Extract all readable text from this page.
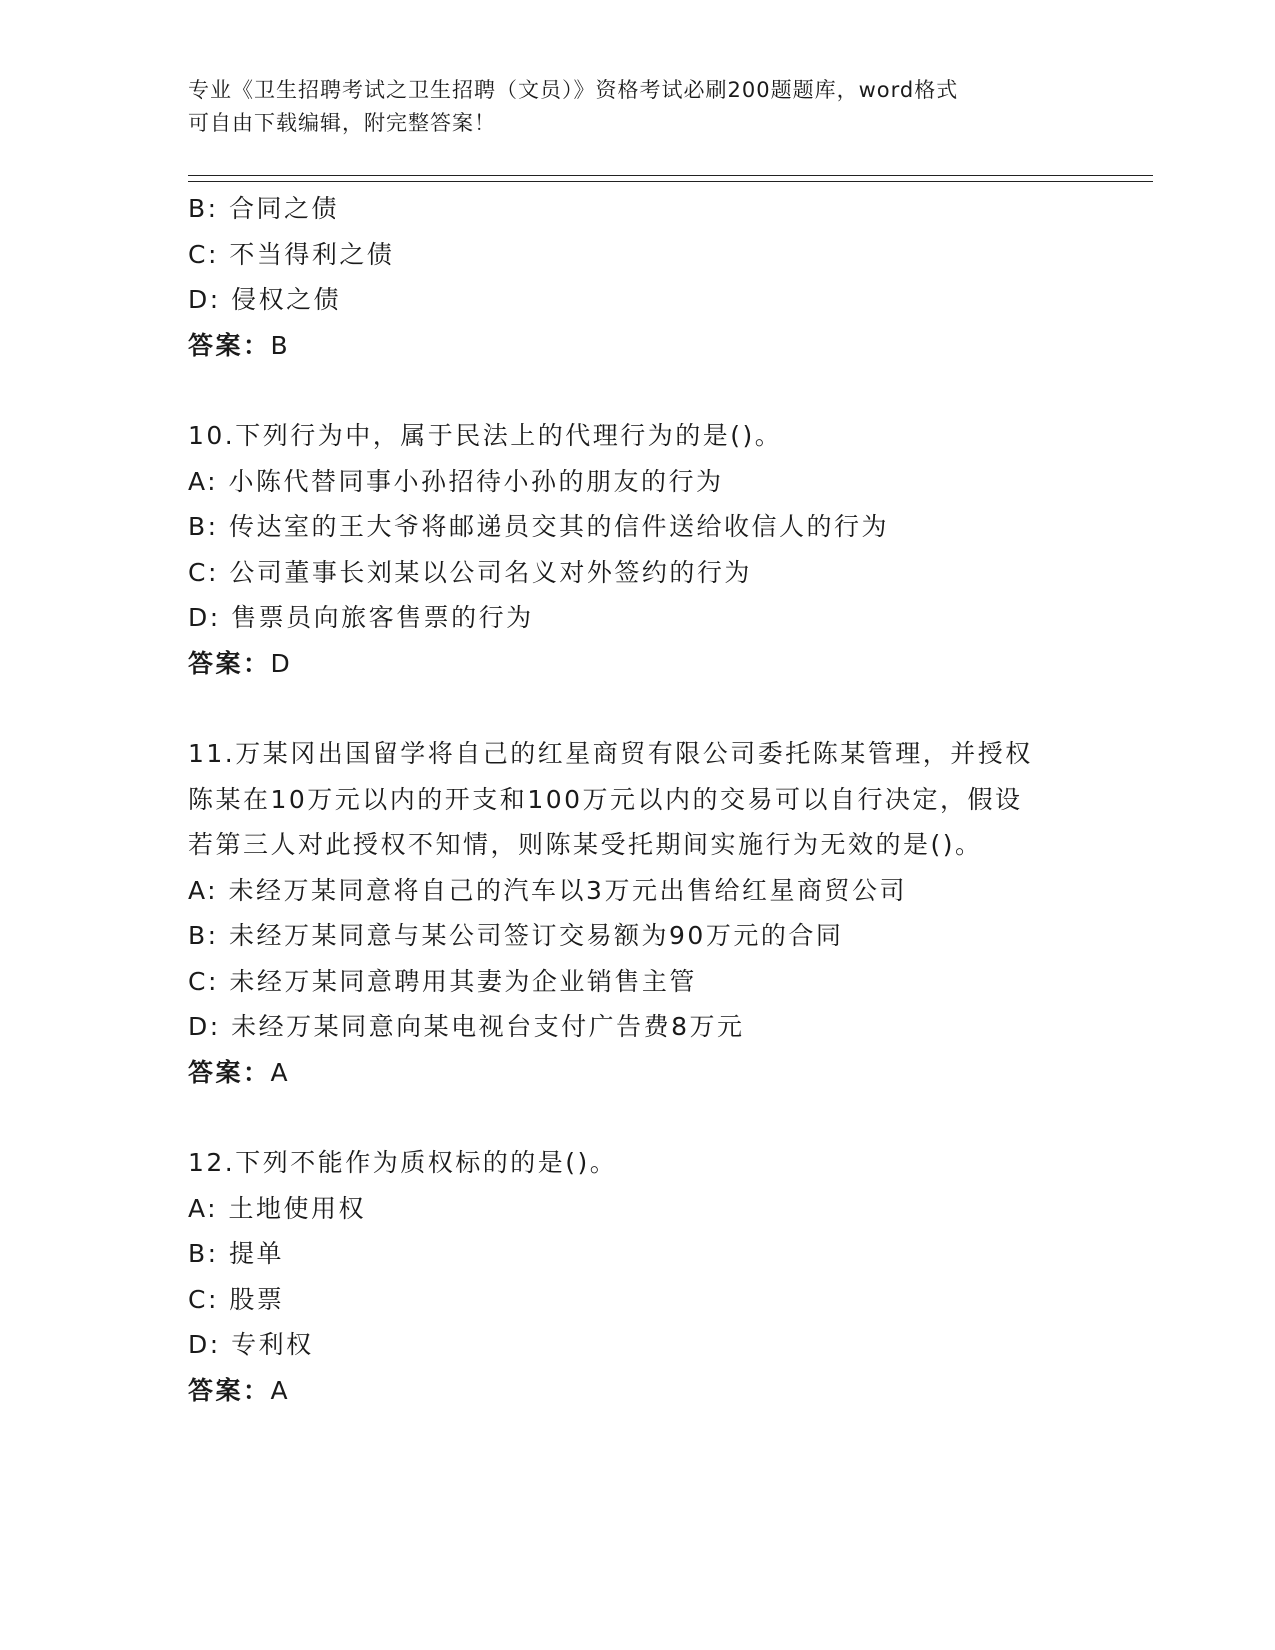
专业《卫生招聘考试之卫生招聘（文员）》资格考试必刷200题题库，word格式
可自由下载编辑，附完整答案！
B: 合同之债
C: 不当得利之债
D: 侵权之债
答案：B
10.下列行为中，属于民法上的代理行为的是()。
A: 小陈代替同事小孙招待小孙的朋友的行为
B: 传达室的王大爷将邮递员交其的信件送给收信人的行为
C: 公司董事长刘某以公司名义对外签约的行为
D: 售票员向旅客售票的行为
答案：D
11.万某冈出国留学将自己的红星商贸有限公司委托陈某管理，并授权
陈某在10万元以内的开支和100万元以内的交易可以自行决定，假设
若第三人对此授权不知情，则陈某受托期间实施行为无效的是()。
A: 未经万某同意将自己的汽车以3万元出售给红星商贸公司
B: 未经万某同意与某公司签订交易额为90万元的合同
C: 未经万某同意聘用其妻为企业销售主管
D: 未经万某同意向某电视台支付广告费8万元
答案：A
12.下列不能作为质权标的的是()。
A: 土地使用权
B: 提单
C: 股票
D: 专利权
答案：A
